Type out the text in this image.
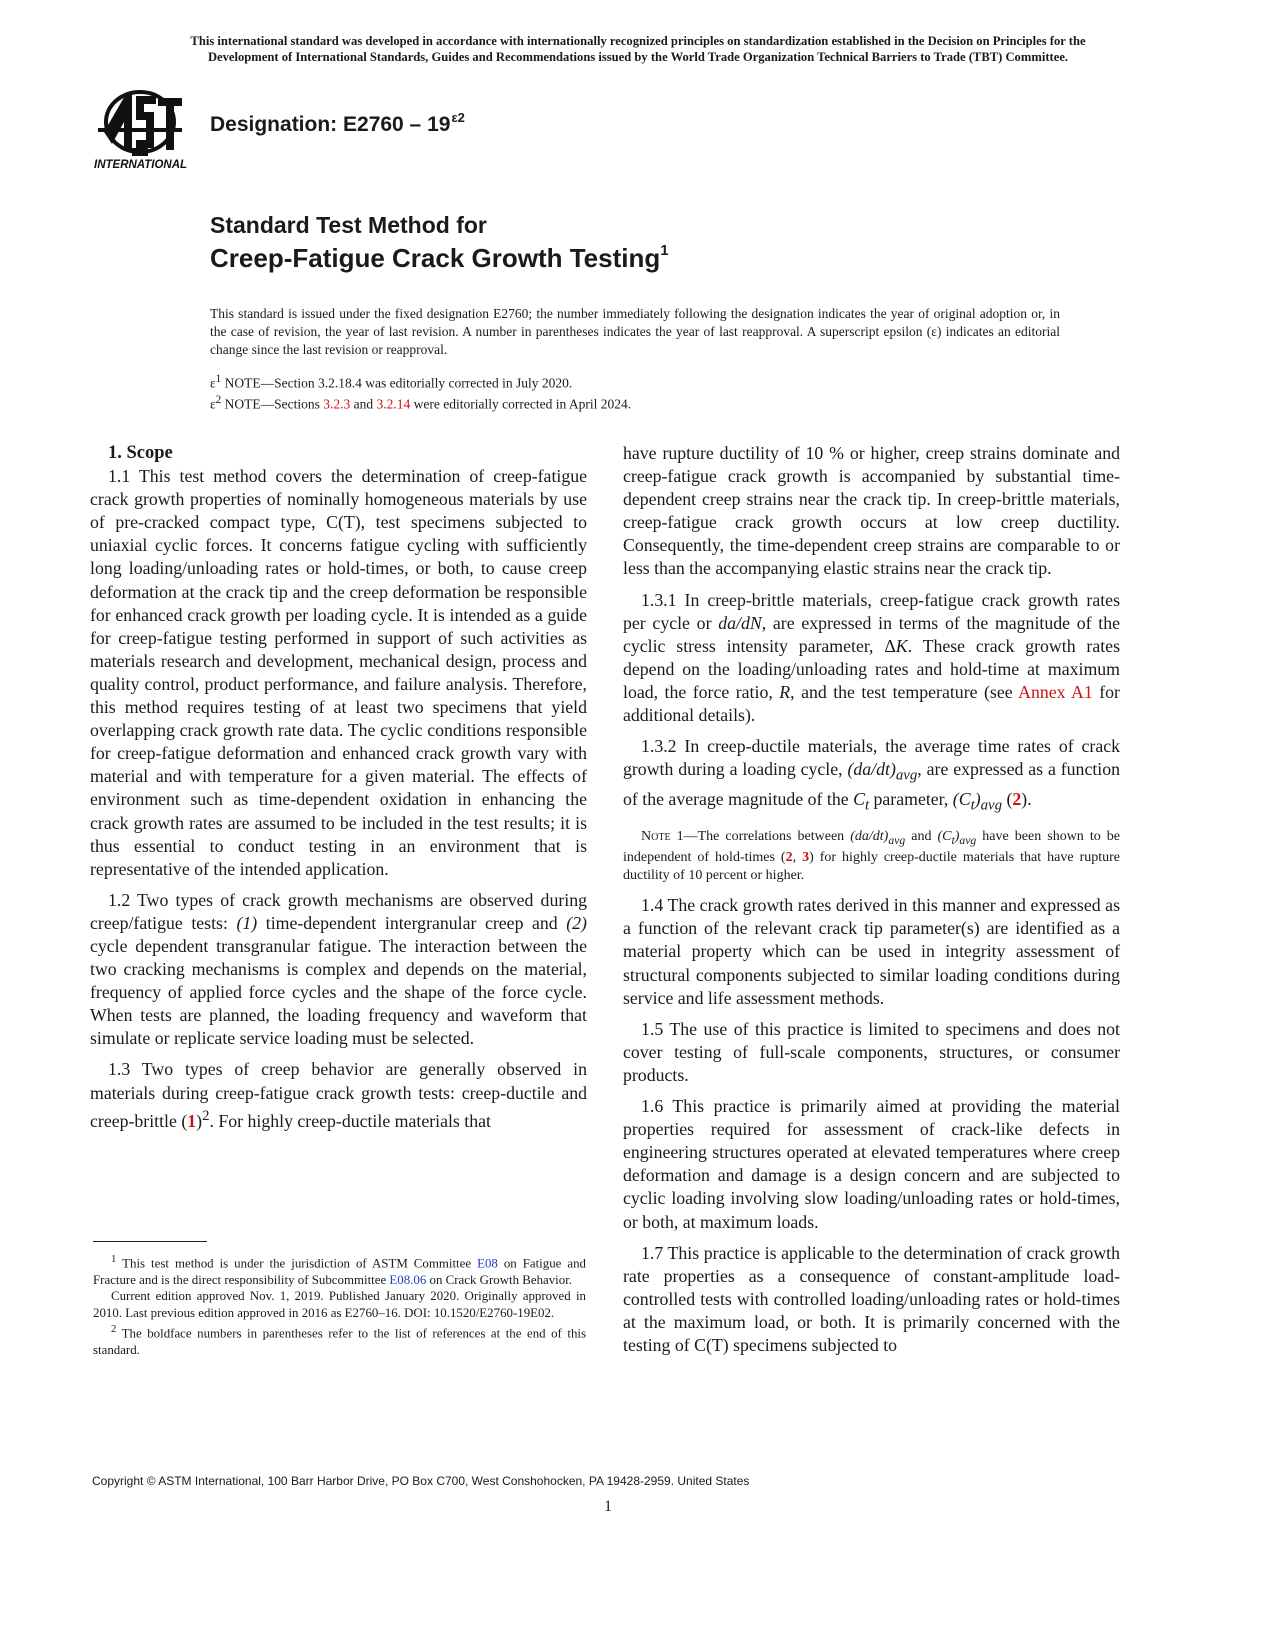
This international standard was developed in accordance with internationally recognized principles on standardization established in the Decision on Principles for the
Development of International Standards, Guides and Recommendations issued by the World Trade Organization Technical Barriers to Trade (TBT) Committee.
INTERNATIONAL
Designation: $E2760 - 19^{\varepsilon 2}$
Standard Test Method for
Creep-Fatigue Crack Growth Testing$^1$
This standard is issued under the fixed designation E2760; the number immediately following the designation indicates the year of original adoption or, in the case of revision, the year of last revision. A number in parentheses indicates the year of last reapproval. A superscript epsilon (ε) indicates an editorial change since the last revision or reapproval.
$\varepsilon^1$ NOTE—Section 3.2.18.4 was editorially corrected in July 2020.
$\varepsilon^2$ NOTE—Sections 3.2.3 and 3.2.14 were editorially corrected in April 2024.

1. Scope

1.1 This test method covers the determination of creep-fatigue crack growth properties of nominally homogeneous materials by use of pre-cracked compact type, C(T), test specimens subjected to uniaxial cyclic forces. It concerns fatigue cycling with sufficiently long loading/unloading rates or hold-times, or both, to cause creep deformation at the crack tip and the creep deformation be responsible for enhanced crack growth per loading cycle. It is intended as a guide for creep-fatigue testing performed in support of such activities as materials research and development, mechanical design, process and quality control, product performance, and failure analysis. Therefore, this method requires testing of at least two specimens that yield overlapping crack growth rate data. The cyclic conditions responsible for creep-fatigue deformation and enhanced crack growth vary with material and with temperature for a given material. The effects of environment such as time-dependent oxidation in enhancing the crack growth rates are assumed to be included in the test results; it is thus essential to conduct testing in an environment that is representative of the intended application.

1.2 Two types of crack growth mechanisms are observed during creep/fatigue tests: (1) time-dependent intergranular creep and (2) cycle dependent transgranular fatigue. The interaction between the two cracking mechanisms is complex and depends on the material, frequency of applied force cycles and the shape of the force cycle. When tests are planned, the loading frequency and waveform that simulate or replicate service loading must be selected.

1.3 Two types of creep behavior are generally observed in materials during creep-fatigue crack growth tests: creep-ductile and creep-brittle $(1)^2$. For highly creep-ductile materials that

$^1$ This test method is under the jurisdiction of ASTM Committee E08 on Fatigue and Fracture and is the direct responsibility of Subcommittee E08.06 on Crack Growth Behavior.

Current edition approved Nov. 1, 2019. Published January 2020. Originally approved in 2010. Last previous edition approved in 2016 as E2760–16. DOI: 10.1520/E2760-19E02.

$^2$ The boldface numbers in parentheses refer to the list of references at the end of this standard.

have rupture ductility of 10 % or higher, creep strains dominate and creep-fatigue crack growth is accompanied by substantial time-dependent creep strains near the crack tip. In creep-brittle materials, creep-fatigue crack growth occurs at low creep ductility. Consequently, the time-dependent creep strains are comparable to or less than the accompanying elastic strains near the crack tip.

1.3.1 In creep-brittle materials, creep-fatigue crack growth rates per cycle or da/dN, are expressed in terms of the magnitude of the cyclic stress intensity parameter, ΔK. These crack growth rates depend on the loading/unloading rates and hold-time at maximum load, the force ratio, R, and the test temperature (see Annex A1 for additional details).

1.3.2 In creep-ductile materials, the average time rates of crack growth during a loading cycle, $(da/dt)_{avg}$, are expressed as a function of the average magnitude of the $C_t$ parameter, $(C_t)_{avg}$ (2).

Note 1—The correlations between $(da/dt)_{avg}$ and $(C_t)_{avg}$ have been shown to be independent of hold-times (2, 3) for highly creep-ductile materials that have rupture ductility of 10 percent or higher.

1.4 The crack growth rates derived in this manner and expressed as a function of the relevant crack tip parameter(s) are identified as a material property which can be used in integrity assessment of structural components subjected to similar loading conditions during service and life assessment methods.

1.5 The use of this practice is limited to specimens and does not cover testing of full-scale components, structures, or consumer products.

1.6 This practice is primarily aimed at providing the material properties required for assessment of crack-like defects in engineering structures operated at elevated temperatures where creep deformation and damage is a design concern and are subjected to cyclic loading involving slow loading/unloading rates or hold-times, or both, at maximum loads.

1.7 This practice is applicable to the determination of crack growth rate properties as a consequence of constant-amplitude load-controlled tests with controlled loading/unloading rates or hold-times at the maximum load, or both. It is primarily concerned with the testing of C(T) specimens subjected to

Copyright © ASTM International, 100 Barr Harbor Drive, PO Box C700, West Conshohocken, PA 19428-2959. United States
1
